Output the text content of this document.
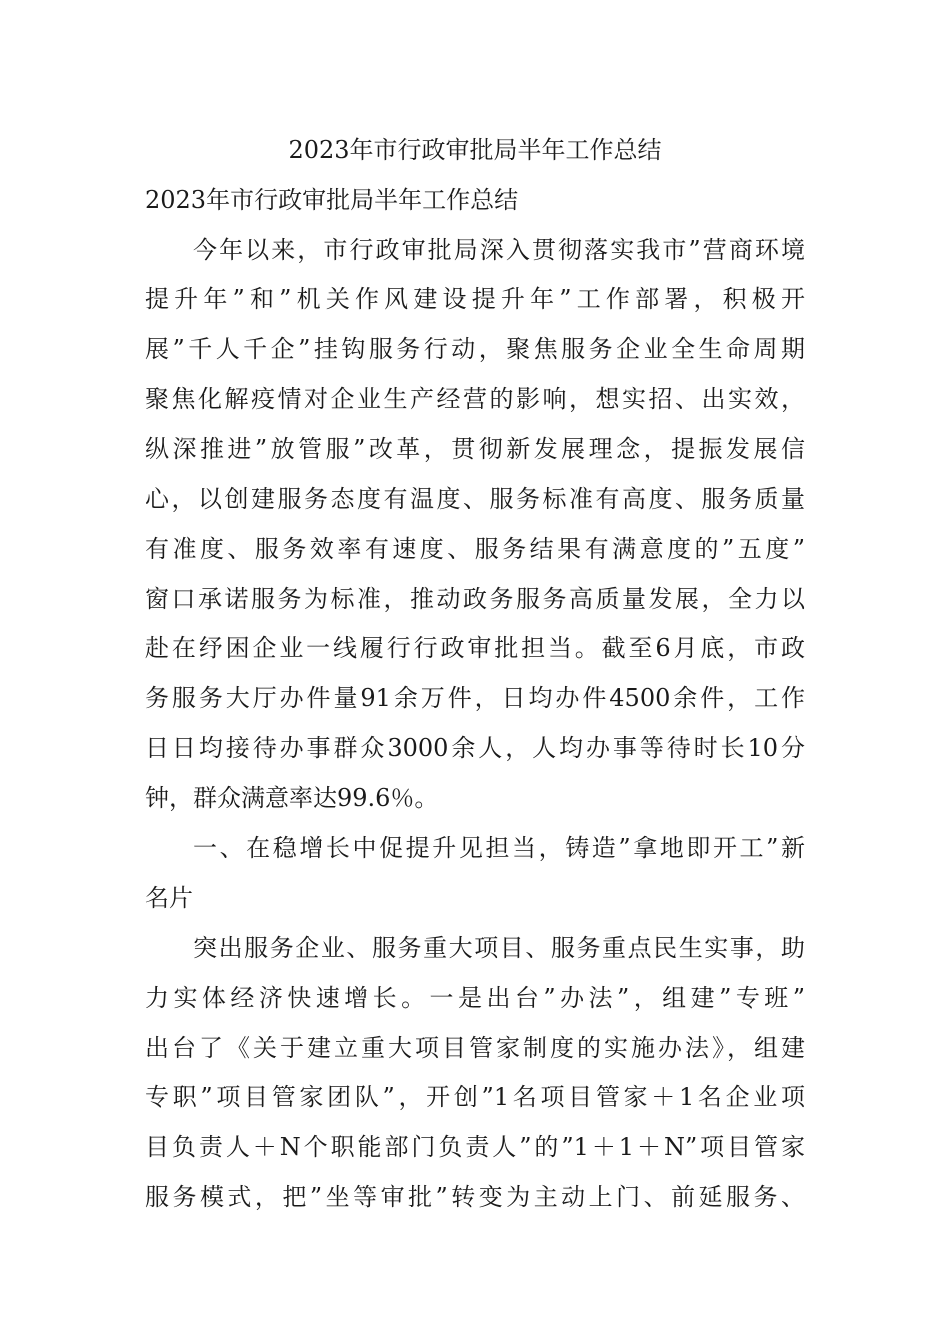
2023年市行政审批局半年工作总结

2023年市行政审批局半年工作总结

今年以来，市行政审批局深入贯彻落实我市”营商环境

提升年”和”机关作风建设提升年”工作部署，积极开

展”千人千企”挂钩服务行动，聚焦服务企业全生命周期

聚焦化解疫情对企业生产经营的影响，想实招、出实效，

纵深推进”放管服”改革，贯彻新发展理念，提振发展信

心，以创建服务态度有温度、服务标准有高度、服务质量

有准度、服务效率有速度、服务结果有满意度的”五度”

窗口承诺服务为标准，推动政务服务高质量发展，全力以

赴在纾困企业一线履行行政审批担当。截至6月底，市政

务服务大厅办件量91余万件，日均办件4500余件，工作

日日均接待办事群众3000余人，人均办事等待时长10分

钟，群众满意率达99.6％。

一、在稳增长中促提升见担当，铸造”拿地即开工”新

名片

突出服务企业、服务重大项目、服务重点民生实事，助

力实体经济快速增长。一是出台”办法”，组建”专班”

出台了《关于建立重大项目管家制度的实施办法》，组建

专职”项目管家团队”，开创”1名项目管家＋1名企业项

目负责人＋N个职能部门负责人”的”1＋1＋N”项目管家

服务模式，把”坐等审批”转变为主动上门、前延服务、
